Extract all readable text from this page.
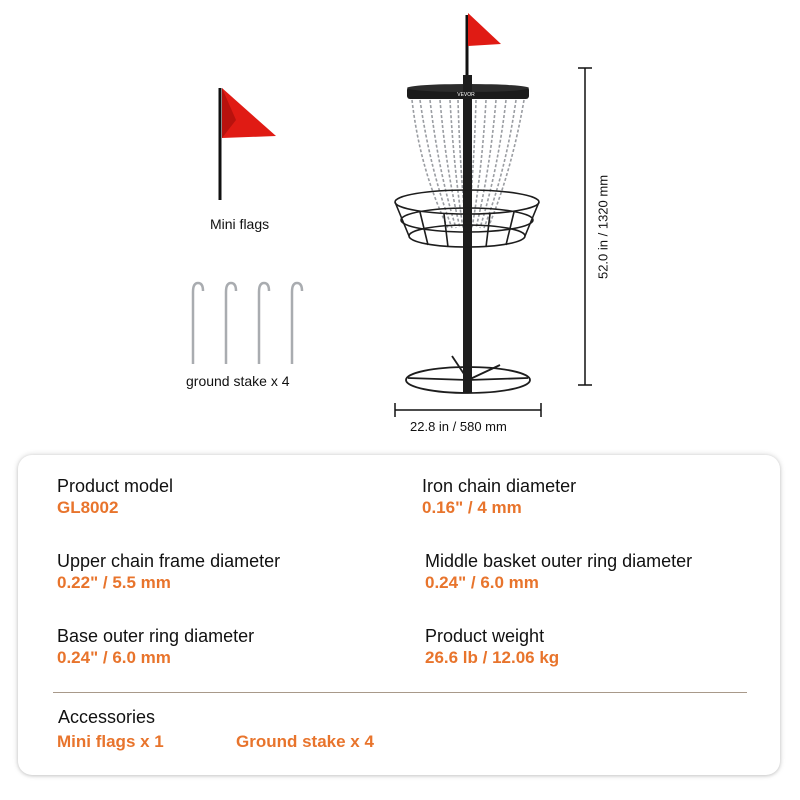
VEVOR
Mini flags
ground stake x 4
22.8 in / 580 mm
52.0 in / 1320 mm
Product model
GL8002
Iron chain diameter
0.16" / 4 mm
Upper chain frame diameter
0.22" / 5.5 mm
Middle basket outer ring diameter
0.24" / 6.0 mm
Base outer ring diameter
0.24" / 6.0 mm
Product weight
26.6 lb / 12.06 kg
Accessories
Mini flags x 1	Ground stake x 4
